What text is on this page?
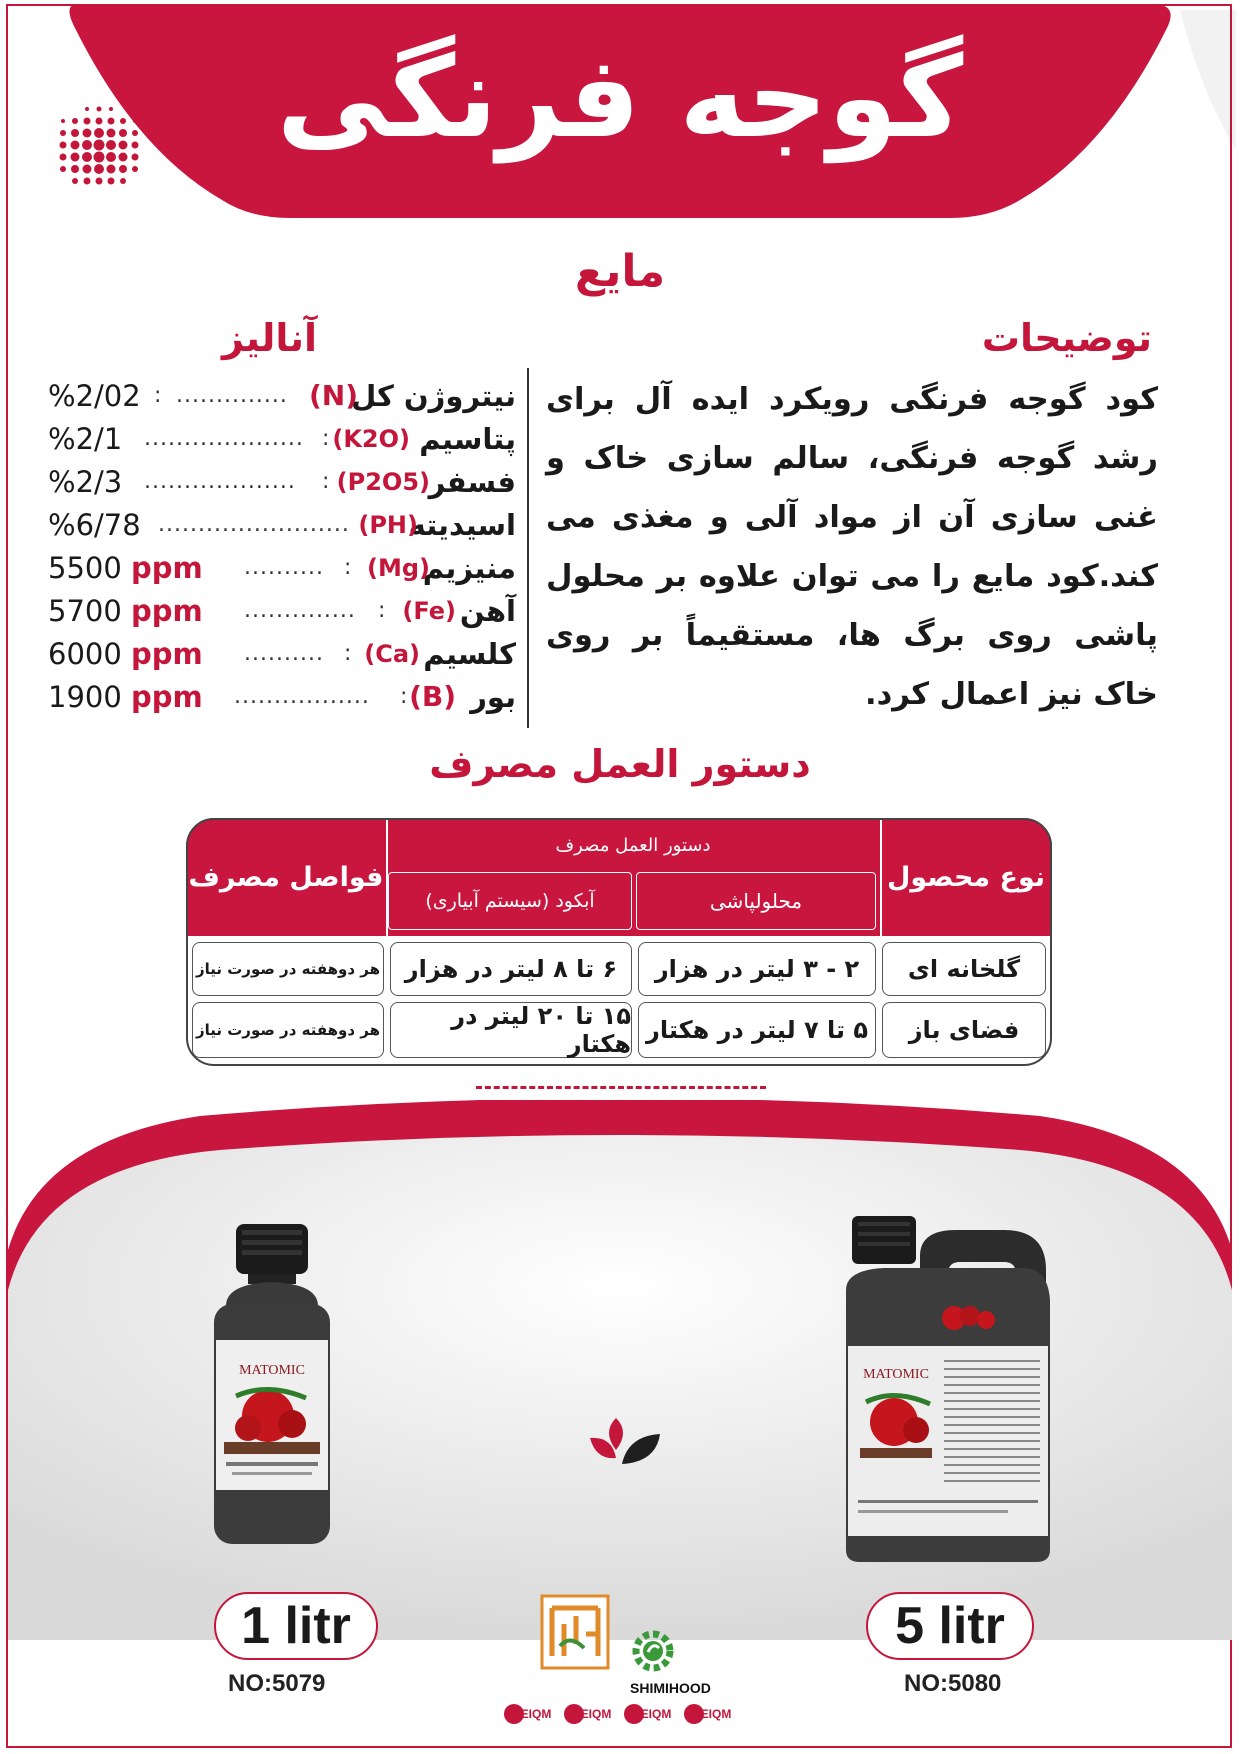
گوجه فرنگی
مایع
توضیحات
آنالیز
کود گوجه فرنگی رویکرد ایده آل برای رشد گوجه فرنگی، سالم سازی خاک و غنی سازی آن از مواد آلی و مغذی می کند.کود مایع را می توان علاوه بر محلول پاشی روی برگ ها، مستقیماً بر روی خاک نیز اعمال کرد.
نیتروژن کل
(N)
: ..............
%2/02
پتاسیم
(K2O)
.................... :
%2/1
فسفر
(P2O5)
................... :
%2/3
اسیدیته
(PH)
........................
%6/78
منیزیم
(Mg)
.......... :
5500 ppm
آهن
(Fe)
.............. :
5700 ppm
کلسیم
(Ca)
.......... :
6000 ppm
بور
(B)
................. :
1900 ppm
دستور العمل مصرف
نوع محصول
دستور العمل مصرف
محلولپاشی
آبکود (سیستم آبیاری)
فواصل مصرف
گلخانه ای
۲ - ۳ لیتر در هزار
۶ تا ۸ لیتر در هزار
هر دوهفته در صورت نیاز
فضای باز
۵ تا ۷ لیتر در هکتار
۱۵ تا ۲۰ لیتر در هکتار
هر دوهفته در صورت نیاز
MATOMIC	MATOMIC
1 litr
NO:5079
5 litr
NO:5080
SHIMIHOOD
EIQM EIQM EIQM EIQM
